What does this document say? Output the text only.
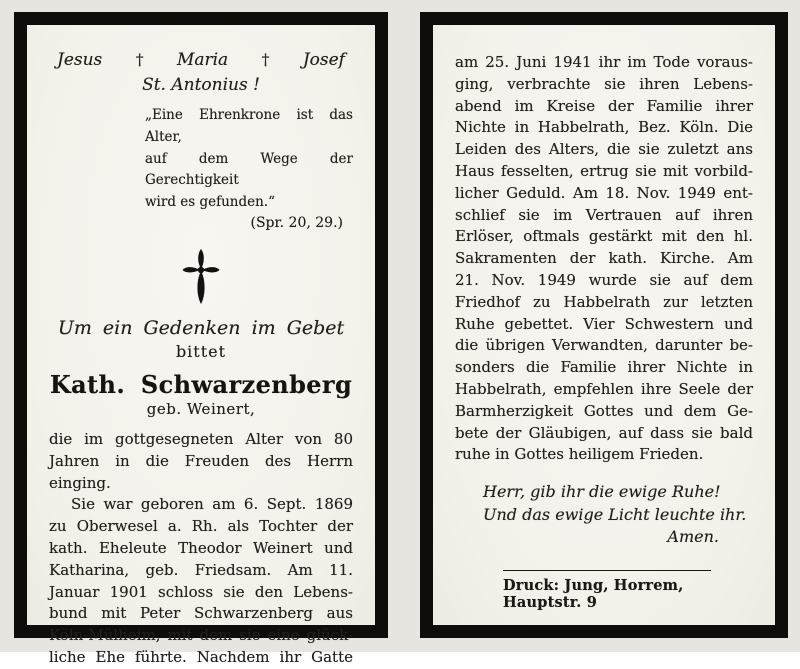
Jesus † Maria † Josef
St. Antonius !
„Eine Ehrenkrone ist das Alter,
auf dem Wege der Gerechtigkeit
wird es gefunden.“
(Spr. 20, 29.)
Um ein Gedenken im Gebet
bittet
Kath. Schwarzenberg
geb. Weinert,
die im gottgesegneten Alter von 80
Jahren in die Freuden des Herrn
einging.
Sie war geboren am 6. Sept. 1869
zu Oberwesel a. Rh. als Tochter der
kath. Eheleute Theodor Weinert und
Katharina, geb. Friedsam. Am 11.
Januar 1901 schloss sie den Lebens-
bund mit Peter Schwarzenberg aus
Köln-Mülheim, mit dem sie eine glück-
liche Ehe führte. Nachdem ihr Gatte
am 25. Juni 1941 ihr im Tode voraus-
ging, verbrachte sie ihren Lebens-
abend im Kreise der Familie ihrer
Nichte in Habbelrath, Bez. Köln. Die
Leiden des Alters, die sie zuletzt ans
Haus fesselten, ertrug sie mit vorbild-
licher Geduld. Am 18. Nov. 1949 ent-
schlief sie im Vertrauen auf ihren
Erlöser, oftmals gestärkt mit den hl.
Sakramenten der kath. Kirche. Am
21. Nov. 1949 wurde sie auf dem
Friedhof zu Habbelrath zur letzten
Ruhe gebettet. Vier Schwestern und
die übrigen Verwandten, darunter be-
sonders die Familie ihrer Nichte in
Habbelrath, empfehlen ihre Seele der
Barmherzigkeit Gottes und dem Ge-
bete der Gläubigen, auf dass sie bald
ruhe in Gottes heiligem Frieden.
Herr, gib ihr die ewige Ruhe!
Und das ewige Licht leuchte ihr.
Amen.
Druck: Jung, Horrem, Hauptstr. 9
